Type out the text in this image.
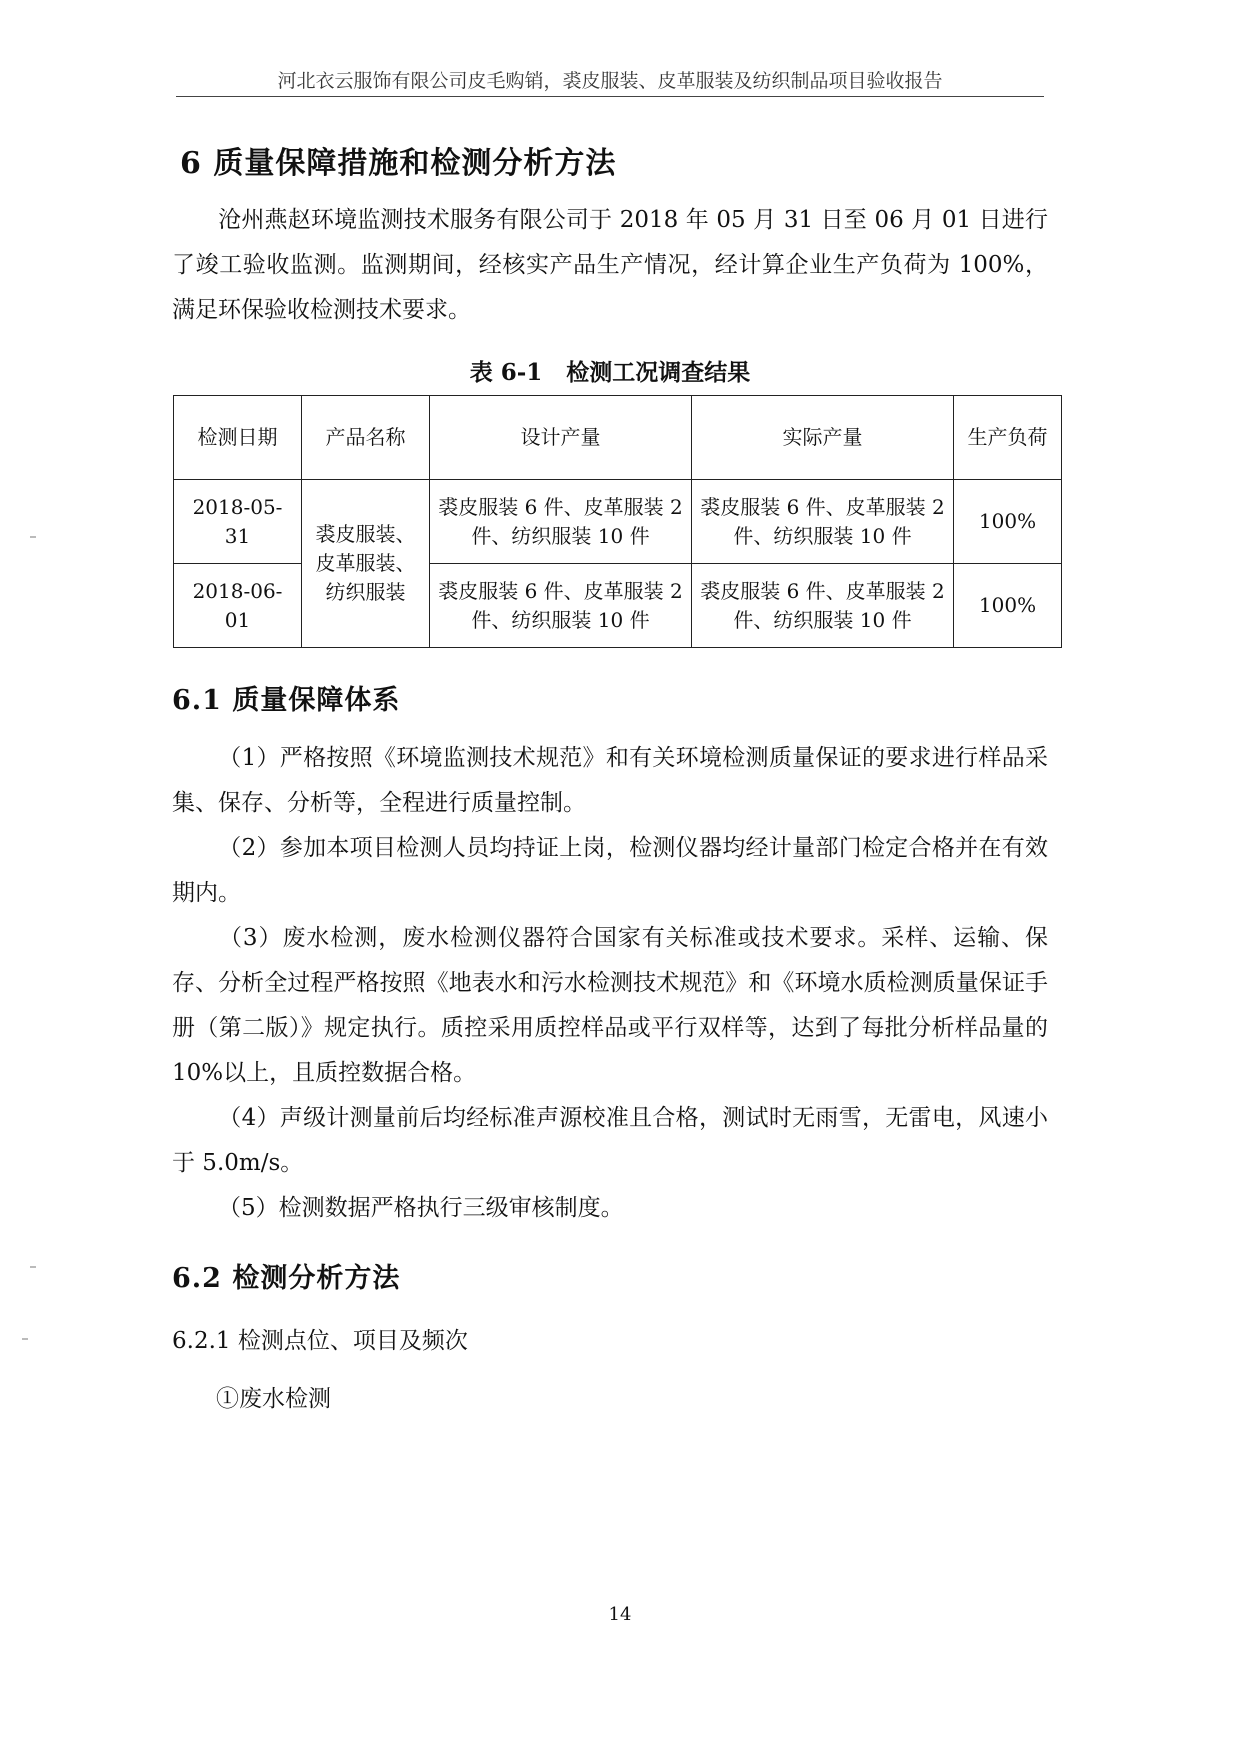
河北衣云服饰有限公司皮毛购销，裘皮服装、皮革服装及纺织制品项目验收报告
6 质量保障措施和检测分析方法
沧州燕赵环境监测技术服务有限公司于 2018 年 05 月 31 日至 06 月 01 日进行了竣工验收监测。监测期间，经核实产品生产情况，经计算企业生产负荷为 100%，满足环保验收检测技术要求。
表 6-1 检测工况调查结果
检测日期	产品名称	设计产量	实际产量	生产负荷
2018-05-31	裘皮服装、皮革服装、纺织服装	裘皮服装 6 件、皮革服装 2 件、纺织服装 10 件	裘皮服装 6 件、皮革服装 2 件、纺织服装 10 件	100%
2018-06-01		裘皮服装 6 件、皮革服装 2 件、纺织服装 10 件	裘皮服装 6 件、皮革服装 2 件、纺织服装 10 件	100%
6.1 质量保障体系
（1）严格按照《环境监测技术规范》和有关环境检测质量保证的要求进行样品采集、保存、分析等，全程进行质量控制。
（2）参加本项目检测人员均持证上岗，检测仪器均经计量部门检定合格并在有效期内。
（3）废水检测，废水检测仪器符合国家有关标准或技术要求。采样、运输、保存、分析全过程严格按照《地表水和污水检测技术规范》和《环境水质检测质量保证手册（第二版）》规定执行。质控采用质控样品或平行双样等，达到了每批分析样品量的 10%以上，且质控数据合格。
（4）声级计测量前后均经标准声源校准且合格，测试时无雨雪，无雷电，风速小于 5.0m/s。
（5）检测数据严格执行三级审核制度。
6.2 检测分析方法
6.2.1 检测点位、项目及频次
①废水检测
14
